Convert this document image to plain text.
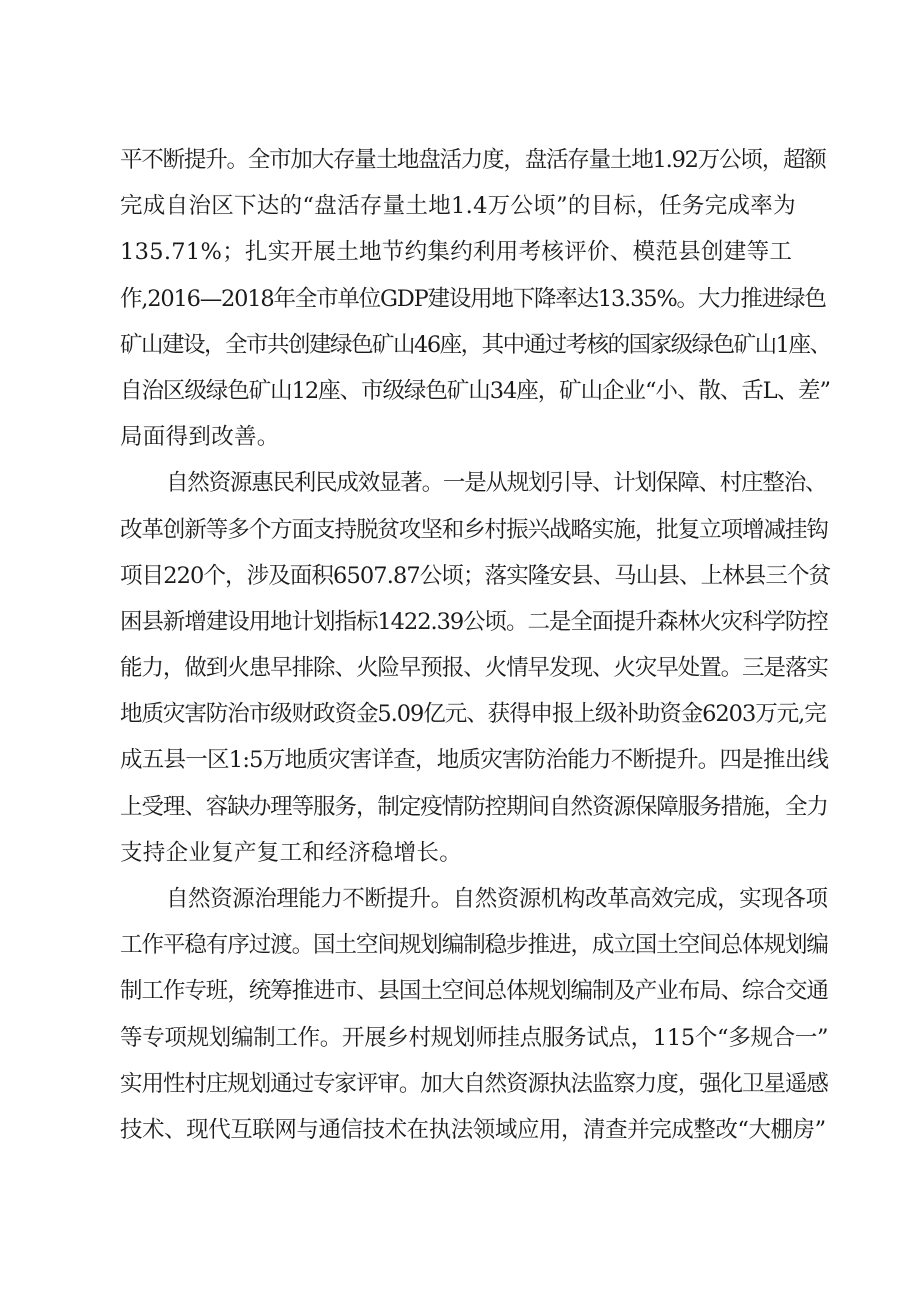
平不断提升。全市加大存量土地盘活力度，盘活存量土地1.92万公顷，超额
完成自治区下达的“盘活存量土地1.4万公顷”的目标，任务完成率为
135.71%；扎实开展土地节约集约利用考核评价、模范县创建等工
作,2016—2018年全市单位GDP建设用地下降率达13.35%。大力推进绿色
矿山建设，全市共创建绿色矿山46座，其中通过考核的国家级绿色矿山1座、
自治区级绿色矿山12座、市级绿色矿山34座，矿山企业“小、散、舌L、差”
局面得到改善。
自然资源惠民利民成效显著。一是从规划引导、计划保障、村庄整治、
改革创新等多个方面支持脱贫攻坚和乡村振兴战略实施，批复立项增减挂钩
项目220个，涉及面积6507.87公顷；落实隆安县、马山县、上林县三个贫
困县新增建设用地计划指标1422.39公顷。二是全面提升森林火灾科学防控
能力，做到火患早排除、火险早预报、火情早发现、火灾早处置。三是落实
地质灾害防治市级财政资金5.09亿元、获得申报上级补助资金6203万元,完
成五县一区1:5万地质灾害详查，地质灾害防治能力不断提升。四是推出线
上受理、容缺办理等服务，制定疫情防控期间自然资源保障服务措施，全力
支持企业复产复工和经济稳增长。
自然资源治理能力不断提升。自然资源机构改革高效完成，实现各项
工作平稳有序过渡。国土空间规划编制稳步推进，成立国土空间总体规划编
制工作专班，统筹推进市、县国土空间总体规划编制及产业布局、综合交通
等专项规划编制工作。开展乡村规划师挂点服务试点，115个“多规合一”
实用性村庄规划通过专家评审。加大自然资源执法监察力度，强化卫星遥感
技术、现代互联网与通信技术在执法领域应用，清查并完成整改“大棚房”
